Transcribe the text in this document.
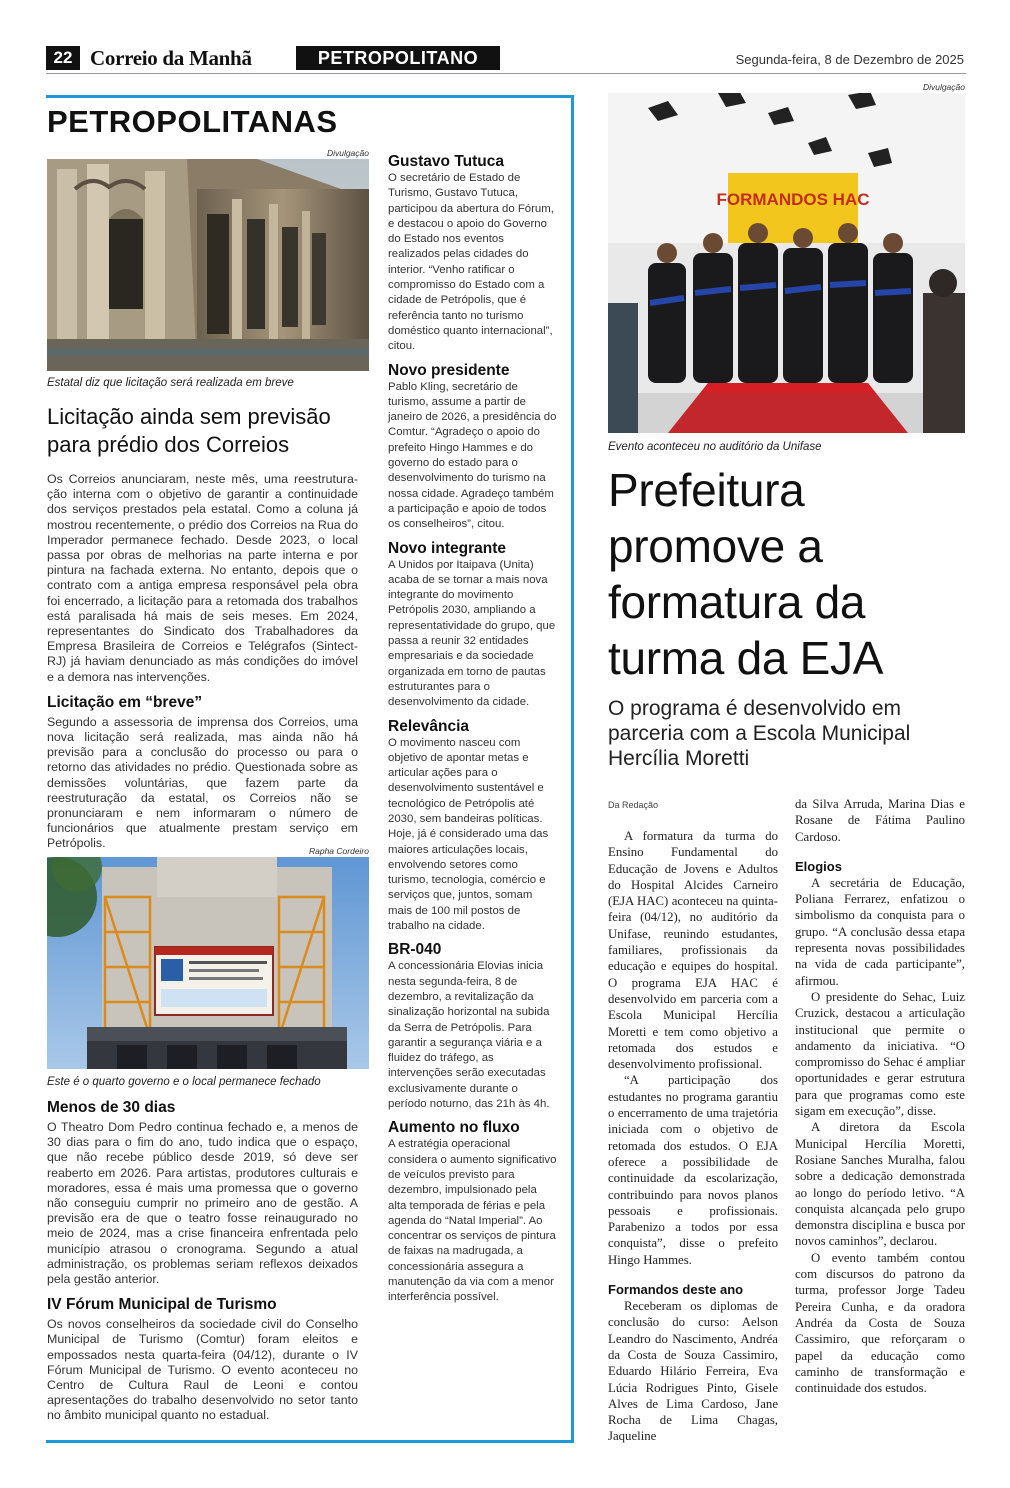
22 Correio da Manhã	PETROPOLITANO	Segunda-feira, 8 de Dezembro de 2025
PETROPOLITANAS
Divulgação
Estatal diz que licitação será realizada em breve
Licitação ainda sem previsão para prédio dos Correios

Os Correios anunciaram, neste mês, uma reestrutura-ção interna com o objetivo de garantir a continuidade dos serviços prestados pela estatal. Como a coluna já mostrou recentemente, o prédio dos Correios na Rua do Imperador permanece fechado. Desde 2023, o local passa por obras de melhorias na parte interna e por pintura na fachada externa. No entanto, depois que o contrato com a antiga empresa responsável pela obra foi encerrado, a licitação para a retomada dos trabalhos está paralisada há mais de seis meses. Em 2024, representantes do Sindicato dos Trabalhadores da Empresa Brasileira de Correios e Telégrafos (Sintect-RJ) já haviam denunciado as más condições do imóvel e a demora nas intervenções.

Licitação em “breve”

Segundo a assessoria de imprensa dos Correios, uma nova licitação será realizada, mas ainda não há previsão para a conclusão do processo ou para o retorno das atividades no prédio. Questionada sobre as demissões voluntárias, que fazem parte da reestruturação da estatal, os Correios não se pronunciaram e nem informaram o número de funcionários que atualmente prestam serviço em Petrópolis.

Rapha Cordeiro
Este é o quarto governo e o local permanece fechado
Menos de 30 dias

O Theatro Dom Pedro continua fechado e, a menos de 30 dias para o fim do ano, tudo indica que o espaço, que não recebe público desde 2019, só deve ser reaberto em 2026. Para artistas, produtores culturais e moradores, essa é mais uma promessa que o governo não conseguiu cumprir no primeiro ano de gestão. A previsão era de que o teatro fosse reinaugurado no meio de 2024, mas a crise financeira enfrentada pelo município atrasou o cronograma. Segundo a atual administração, os problemas seriam reflexos deixados pela gestão anterior.

IV Fórum Municipal de Turismo

Os novos conselheiros da sociedade civil do Conselho Municipal de Turismo (Comtur) foram eleitos e empossados nesta quarta-feira (04/12), durante o IV Fórum Municipal de Turismo. O evento aconteceu no Centro de Cultura Raul de Leoni e contou apresentações do trabalho desenvolvido no setor tanto no âmbito municipal quanto no estadual.

Gustavo Tutuca

O secretário de Estado de Turismo, Gustavo Tutuca, participou da abertura do Fórum, e destacou o apoio do Governo do Estado nos eventos realizados pelas cidades do interior. “Venho ratificar o compromisso do Estado com a cidade de Petrópolis, que é referência tanto no turismo doméstico quanto internacional”, citou.

Novo presidente

Pablo Kling, secretário de turismo, assume a partir de janeiro de 2026, a presidência do Comtur. “Agradeço o apoio do prefeito Hingo Hammes e do governo do estado para o desenvolvimento do turismo na nossa cidade. Agradeço também a participação e apoio de todos os conselheiros”, citou.

Novo integrante

A Unidos por Itaipava (Unita) acaba de se tornar a mais nova integrante do movimento Petrópolis 2030, ampliando a representatividade do grupo, que passa a reunir 32 entidades empresariais e da sociedade organizada em torno de pautas estruturantes para o desenvolvimento da cidade.

Relevância

O movimento nasceu com objetivo de apontar metas e articular ações para o desenvolvimento sustentável e tecnológico de Petrópolis até 2030, sem bandeiras políticas. Hoje, já é considerado uma das maiores articulações locais, envolvendo setores como turismo, tecnologia, comércio e serviços que, juntos, somam mais de 100 mil postos de trabalho na cidade.

BR-040

A concessionária Elovias inicia nesta segunda-feira, 8 de dezembro, a revitalização da sinalização horizontal na subida da Serra de Petrópolis. Para garantir a segurança viária e a fluidez do tráfego, as intervenções serão executadas exclusivamente durante o período noturno, das 21h às 4h.

Aumento no fluxo

A estratégia operacional considera o aumento significativo de veículos previsto para dezembro, impulsionado pela alta temporada de férias e pela agenda do “Natal Imperial”. Ao concentrar os serviços de pintura de faixas na madrugada, a concessionária assegura a manutenção da via com a menor interferência possível.

Divulgação
FORMANDOS HAC
Evento aconteceu no auditório da Unifase
Prefeitura promove a formatura da turma da EJA
O programa é desenvolvido em parceria com a Escola Municipal Hercília Moretti
Da Redação

A formatura da turma do Ensino Fundamental do Educação de Jovens e Adultos do Hospital Alcides Carneiro (EJA HAC) aconteceu na quinta-feira (04/12), no auditório da Unifase, reunindo estudantes, familiares, profissionais da educação e equipes do hospital. O programa EJA HAC é desenvolvido em parceria com a Escola Municipal Hercília Moretti e tem como objetivo a retomada dos estudos e desenvolvimento profissional.

“A participação dos estudantes no programa garantiu o encerramento de uma trajetória iniciada com o objetivo de retomada dos estudos. O EJA oferece a possibilidade de continuidade da escolarização, contribuindo para novos planos pessoais e profissionais. Parabenizo a todos por essa conquista”, disse o prefeito Hingo Hammes.

Formandos deste ano

Receberam os diplomas de conclusão do curso: Aelson Leandro do Nascimento, Andréa da Costa de Souza Cassimiro, Eduardo Hilário Ferreira, Eva Lúcia Rodrigues Pinto, Gisele Alves de Lima Cardoso, Jane Rocha de Lima Chagas, Jaqueline

da Silva Arruda, Marina Dias e Rosane de Fátima Paulino Cardoso.

Elogios

A secretária de Educação, Poliana Ferrarez, enfatizou o simbolismo da conquista para o grupo. “A conclusão dessa etapa representa novas possibilidades na vida de cada participante”, afirmou.

O presidente do Sehac, Luiz Cruzick, destacou a articulação institucional que permite o andamento da iniciativa. “O compromisso do Sehac é ampliar oportunidades e gerar estrutura para que programas como este sigam em execução”, disse.

A diretora da Escola Municipal Hercília Moretti, Rosiane Sanches Muralha, falou sobre a dedicação demonstrada ao longo do período letivo. “A conquista alcançada pelo grupo demonstra disciplina e busca por novos caminhos”, declarou.

O evento também contou com discursos do patrono da turma, professor Jorge Tadeu Pereira Cunha, e da oradora Andréa da Costa de Souza Cassimiro, que reforçaram o papel da educação como caminho de transformação e continuidade dos estudos.
